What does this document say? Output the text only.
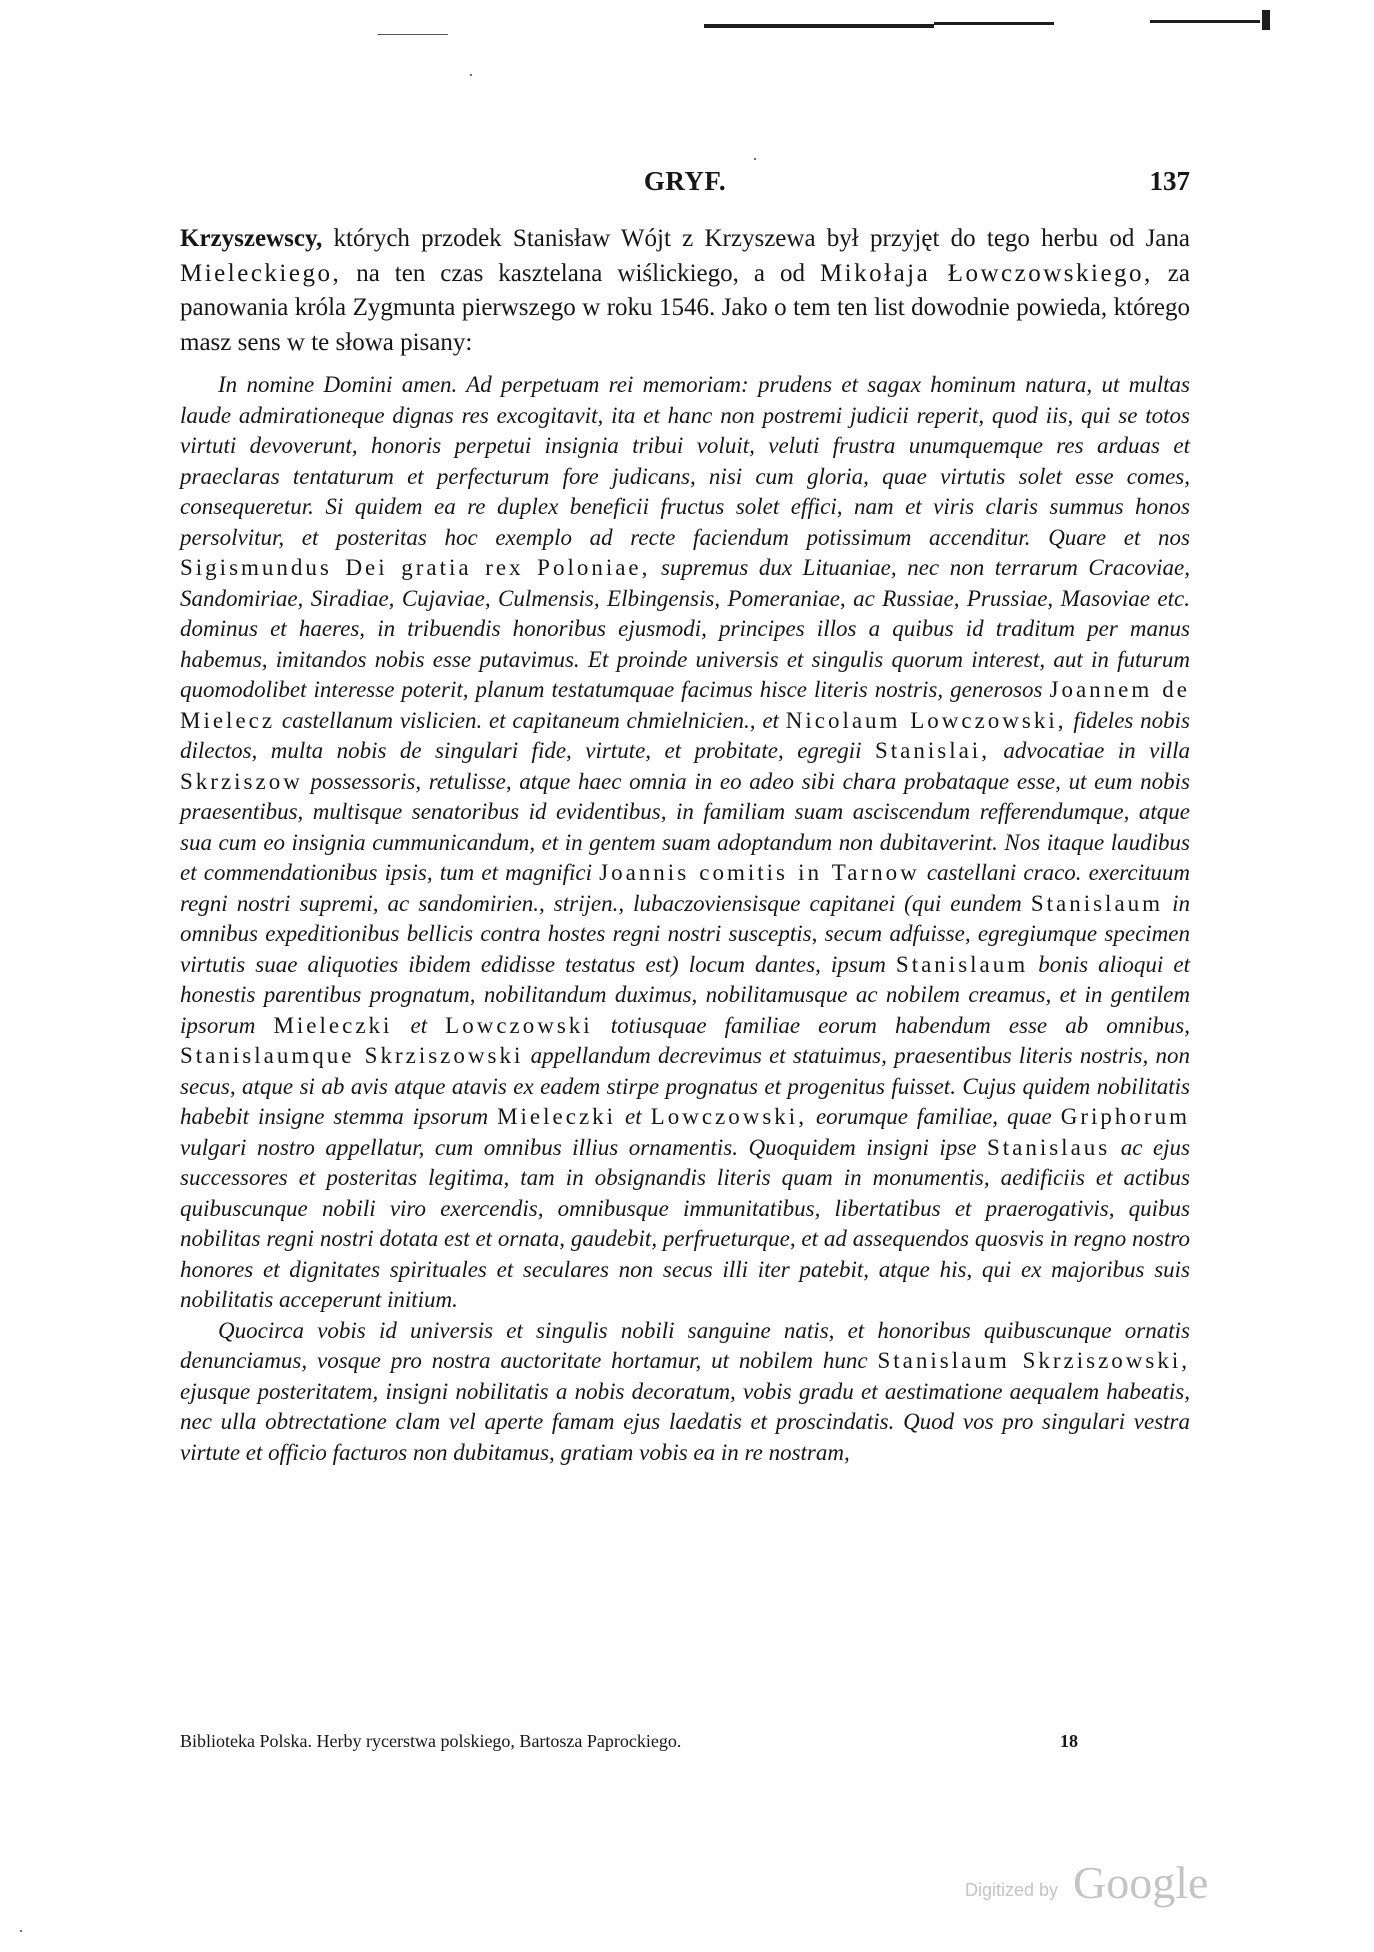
GRYF.	137
Krzyszewscy, których przodek Stanisław Wójt z Krzyszewa był przyjęt do tego herbu od Jana Mieleckiego, na ten czas kasztelana wiślickiego, a od Mikołaja Łowczowskiego, za panowania króla Zygmunta pierwszego w roku 1546. Jako o tem ten list dowodnie powieda, którego masz sens w te słowa pisany:

In nomine Domini amen. Ad perpetuam rei memoriam: prudens et sagax hominum natura, ut multas laude admirationeque dignas res excogitavit, ita et hanc non postremi judicii reperit, quod iis, qui se totos virtuti devoverunt, honoris perpetui insignia tribui voluit, veluti frustra unumquemque res arduas et praeclaras tentaturum et perfecturum fore judicans, nisi cum gloria, quae virtutis solet esse comes, consequeretur. Si quidem ea re duplex beneficii fructus solet effici, nam et viris claris summus honos persolvitur, et posteritas hoc exemplo ad recte faciendum potissimum accenditur. Quare et nos Sigismundus Dei gratia rex Poloniae, supremus dux Lituaniae, nec non terrarum Cracoviae, Sandomiriae, Siradiae, Cujaviae, Culmensis, Elbingensis, Pomeraniae, ac Russiae, Prussiae, Masoviae etc. dominus et haeres, in tribuendis honoribus ejusmodi, principes illos a quibus id traditum per manus habemus, imitandos nobis esse putavimus. Et proinde universis et singulis quorum interest, aut in futurum quomodolibet interesse poterit, planum testatumquae facimus hisce literis nostris, generosos Joannem de Mielecz castellanum vislicien. et capitaneum chmielnicien., et Nicolaum Lowczowski, fideles nobis dilectos, multa nobis de singulari fide, virtute, et probitate, egregii Stanislai, advocatiae in villa Skrziszow possessoris, retulisse, atque haec omnia in eo adeo sibi chara probataque esse, ut eum nobis praesentibus, multisque senatoribus id evidentibus, in familiam suam asciscendum refferendumque, atque sua cum eo insignia cummunicandum, et in gentem suam adoptandum non dubitaverint. Nos itaque laudibus et commendationibus ipsis, tum et magnifici Joannis comitis in Tarnow castellani craco. exercituum regni nostri supremi, ac sandomirien., strijen., lubaczoviensisque capitanei (qui eundem Stanislaum in omnibus expeditionibus bellicis contra hostes regni nostri susceptis, secum adfuisse, egregiumque specimen virtutis suae aliquoties ibidem edidisse testatus est) locum dantes, ipsum Stanislaum bonis alioqui et honestis parentibus prognatum, nobilitandum duximus, nobilitamusque ac nobilem creamus, et in gentilem ipsorum Mieleczki et Lowczowski totiusquae familiae eorum habendum esse ab omnibus, Stanislaumque Skrziszowski appellandum decrevimus et statuimus, praesentibus literis nostris, non secus, atque si ab avis atque atavis ex eadem stirpe prognatus et progenitus fuisset. Cujus quidem nobilitatis habebit insigne stemma ipsorum Mieleczki et Lowczowski, eorumque familiae, quae Griphorum vulgari nostro appellatur, cum omnibus illius ornamentis. Quoquidem insigni ipse Stanislaus ac ejus successores et posteritas legitima, tam in obsignandis literis quam in monumentis, aedificiis et actibus quibuscunque nobili viro exercendis, omnibusque immunitatibus, libertatibus et praerogativis, quibus nobilitas regni nostri dotata est et ornata, gaudebit, perfrueturque, et ad assequendos quosvis in regno nostro honores et dignitates spirituales et seculares non secus illi iter patebit, atque his, qui ex majoribus suis nobilitatis acceperunt initium.

Quocirca vobis id universis et singulis nobili sanguine natis, et honoribus quibuscunque ornatis denunciamus, vosque pro nostra auctoritate hortamur, ut nobilem hunc Stanislaum Skrziszowski, ejusque posteritatem, insigni nobilitatis a nobis decoratum, vobis gradu et aestimatione aequalem habeatis, nec ulla obtrectatione clam vel aperte famam ejus laedatis et proscindatis. Quod vos pro singulari vestra virtute et officio facturos non dubitamus, gratiam vobis ea in re nostram,

Biblioteka Polska. Herby rycerstwa polskiego, Bartosza Paprockiego.	18
Digitized by Google
